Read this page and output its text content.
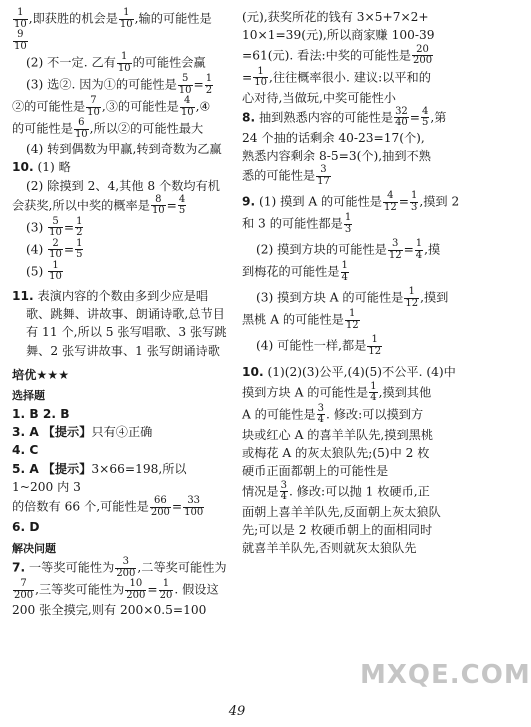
$\frac{1}{10}$ ,即获胜的机会是 $\frac{1}{10}$ ,输的可能性是
$\frac{9}{10}$

(2) 不一定. 乙有 $\frac{1}{10}$ 的可能性会赢

(3) 选②. 因为①的可能性是 $\frac{5}{10} = \frac{1}{2}$

②的可能性是 $\frac{7}{10}$ ,③的可能性是 $\frac{4}{10}$ ,④

的可能性是 $\frac{6}{10}$ ,所以②的可能性最大

(4) 转到偶数为甲赢,转到奇数为乙赢

10. (1) 略

(2) 除摸到 2、4,其他 8 个数均有机

会获奖,所以中奖的概率是 $\frac{8}{10} = \frac{4}{5}$

$(3) \frac{5}{10} = \frac{1}{2}$

$(4) \frac{2}{10} = \frac{1}{5}$

$(5) \frac{1}{10}$

11. 表演内容的个数由多到少应是唱歌、跳舞、讲故事、朗诵诗歌,总节目有 11 个,所以 5 张写唱歌、3 张写跳舞、2 张写讲故事、1 张写朗诵诗歌

培优★★★

选择题

1. B 2. B

3. A 【提示】只有④正确

4. C

5. A 【提示】3×66=198,所以 1~200 内 3

的倍数有 66 个,可能性是 $\frac{66}{200} = \frac{33}{100}$

6. D

解决问题

7. 一等奖可能性为 $\frac{3}{200}$ ,二等奖可能性为

$\frac{7}{200}$ ,三等奖可能性为 $\frac{10}{200} = \frac{1}{20}$ . 假设这

200 张全摸完,则有 200×0.5=100

(元),获奖所花的钱有 3×5+7×2+

10×1=39(元),所以商家赚 100-39

=61(元). 看法:中奖的可能性是 $\frac{20}{200}$

= $\frac{1}{10}$ ,往往概率很小. 建议:以平和的

心对待,当做玩,中奖可能性小

8. 抽到熟悉内容的可能性是 $\frac{32}{40} = \frac{4}{5}$ ,第

24 个抽的话剩余 40-23=17(个),

熟悉内容剩余 8-5=3(个),抽到不熟

悉的可能性是 $\frac{3}{17}$

9. (1) 摸到 A 的可能性是 $\frac{4}{12} = \frac{1}{3}$ ,摸到 2

和 3 的可能性都是 $\frac{1}{3}$

(2) 摸到方块的可能性是 $\frac{3}{12} = \frac{1}{4}$ ,摸

到梅花的可能性是 $\frac{1}{4}$

(3) 摸到方块 A 的可能性是 $\frac{1}{12}$ ,摸到

黑桃 A 的可能性是 $\frac{1}{12}$

(4) 可能性一样,都是 $\frac{1}{12}$

10. (1)(2)(3)公平,(4)(5)不公平. (4)中

摸到方块 A 的可能性是 $\frac{1}{4}$ ,摸到其他

A 的可能性是 $\frac{3}{4}$ . 修改:可以摸到方

块或红心 A 的喜羊羊队先,摸到黑桃

或梅花 A 的灰太狼队先;(5)中 2 枚

硬币正面都朝上的可能性是

情况是 $\frac{3}{4}$ . 修改:可以抛 1 枚硬币,正

面朝上喜羊羊队先,反面朝上灰太狼队

先;可以是 2 枚硬币朝上的面相同时

就喜羊羊队先,否则就灰太狼队先

49
MXQE.COM
